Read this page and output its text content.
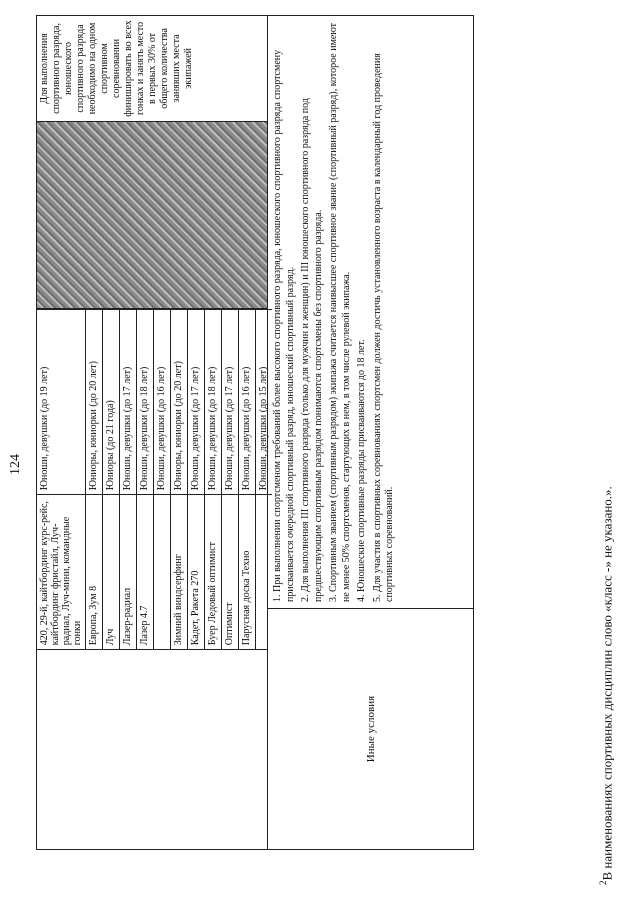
124
420, 29-й, кайтбординг курс-рейс, кайтбординг фристайл, Луч-радиал, Луч-мини, командные гонки
Юноши, девушки (до 19 лет)
Европа, Зум 8
Юниоры, юниорки (до 20 лет)
Луч
Юниоры (до 21 года)
Лазер-радиал
Юноши, девушки (до 17 лет)
Лазер 4.7
Юноши, девушки (до 18 лет) Юноши, девушки (до 16 лет)
Зимний виндсерфинг
Юниоры, юниорки (до 20 лет)
Кадет, Ракета 270
Юноши, девушки (до 17 лет)
Буер Ледовый оптимист
Юноши, девушки (до 18 лет)
Оптимист
Юноши, девушки (до 17 лет)
Парусная доска Техно
Юноши, девушки (до 16 лет) Юноши, девушки (до 15 лет)
Для выполнения спортивного разряда, юношеского спортивного разряда необходимо на одном спортивном соревновании финишировать во всех гонках и занять место в первых 30% от общего количества занявших места экипажей
Иные условия
1. При выполнении спортсменом требований более высокого спортивного разряда, юношеского спортивного разряда спортсмену присваивается очередной спортивный разряд, юношеский спортивный разряд. 2. Для выполнения III спортивного разряда (только для мужчин и женщин) и III юношеского спортивного разряда под предшествующим спортивным разрядом понимаются спортсмены без спортивного разряда. 3. Спортивным званием (спортивным разрядом) экипажа считается наивысшее спортивное звание (спортивный разряд), которое имеют не менее 50% спортсменов, стартующих в нем, в том числе рулевой экипажа. 4. Юношеские спортивные разряды присваиваются до 18 лет. 5. Для участия в спортивных соревнованиях спортсмен должен достичь установленного возраста в календарный год проведения спортивных соревнований.
$^2$В наименованиях спортивных дисциплин слово «класс -» не указано.».
